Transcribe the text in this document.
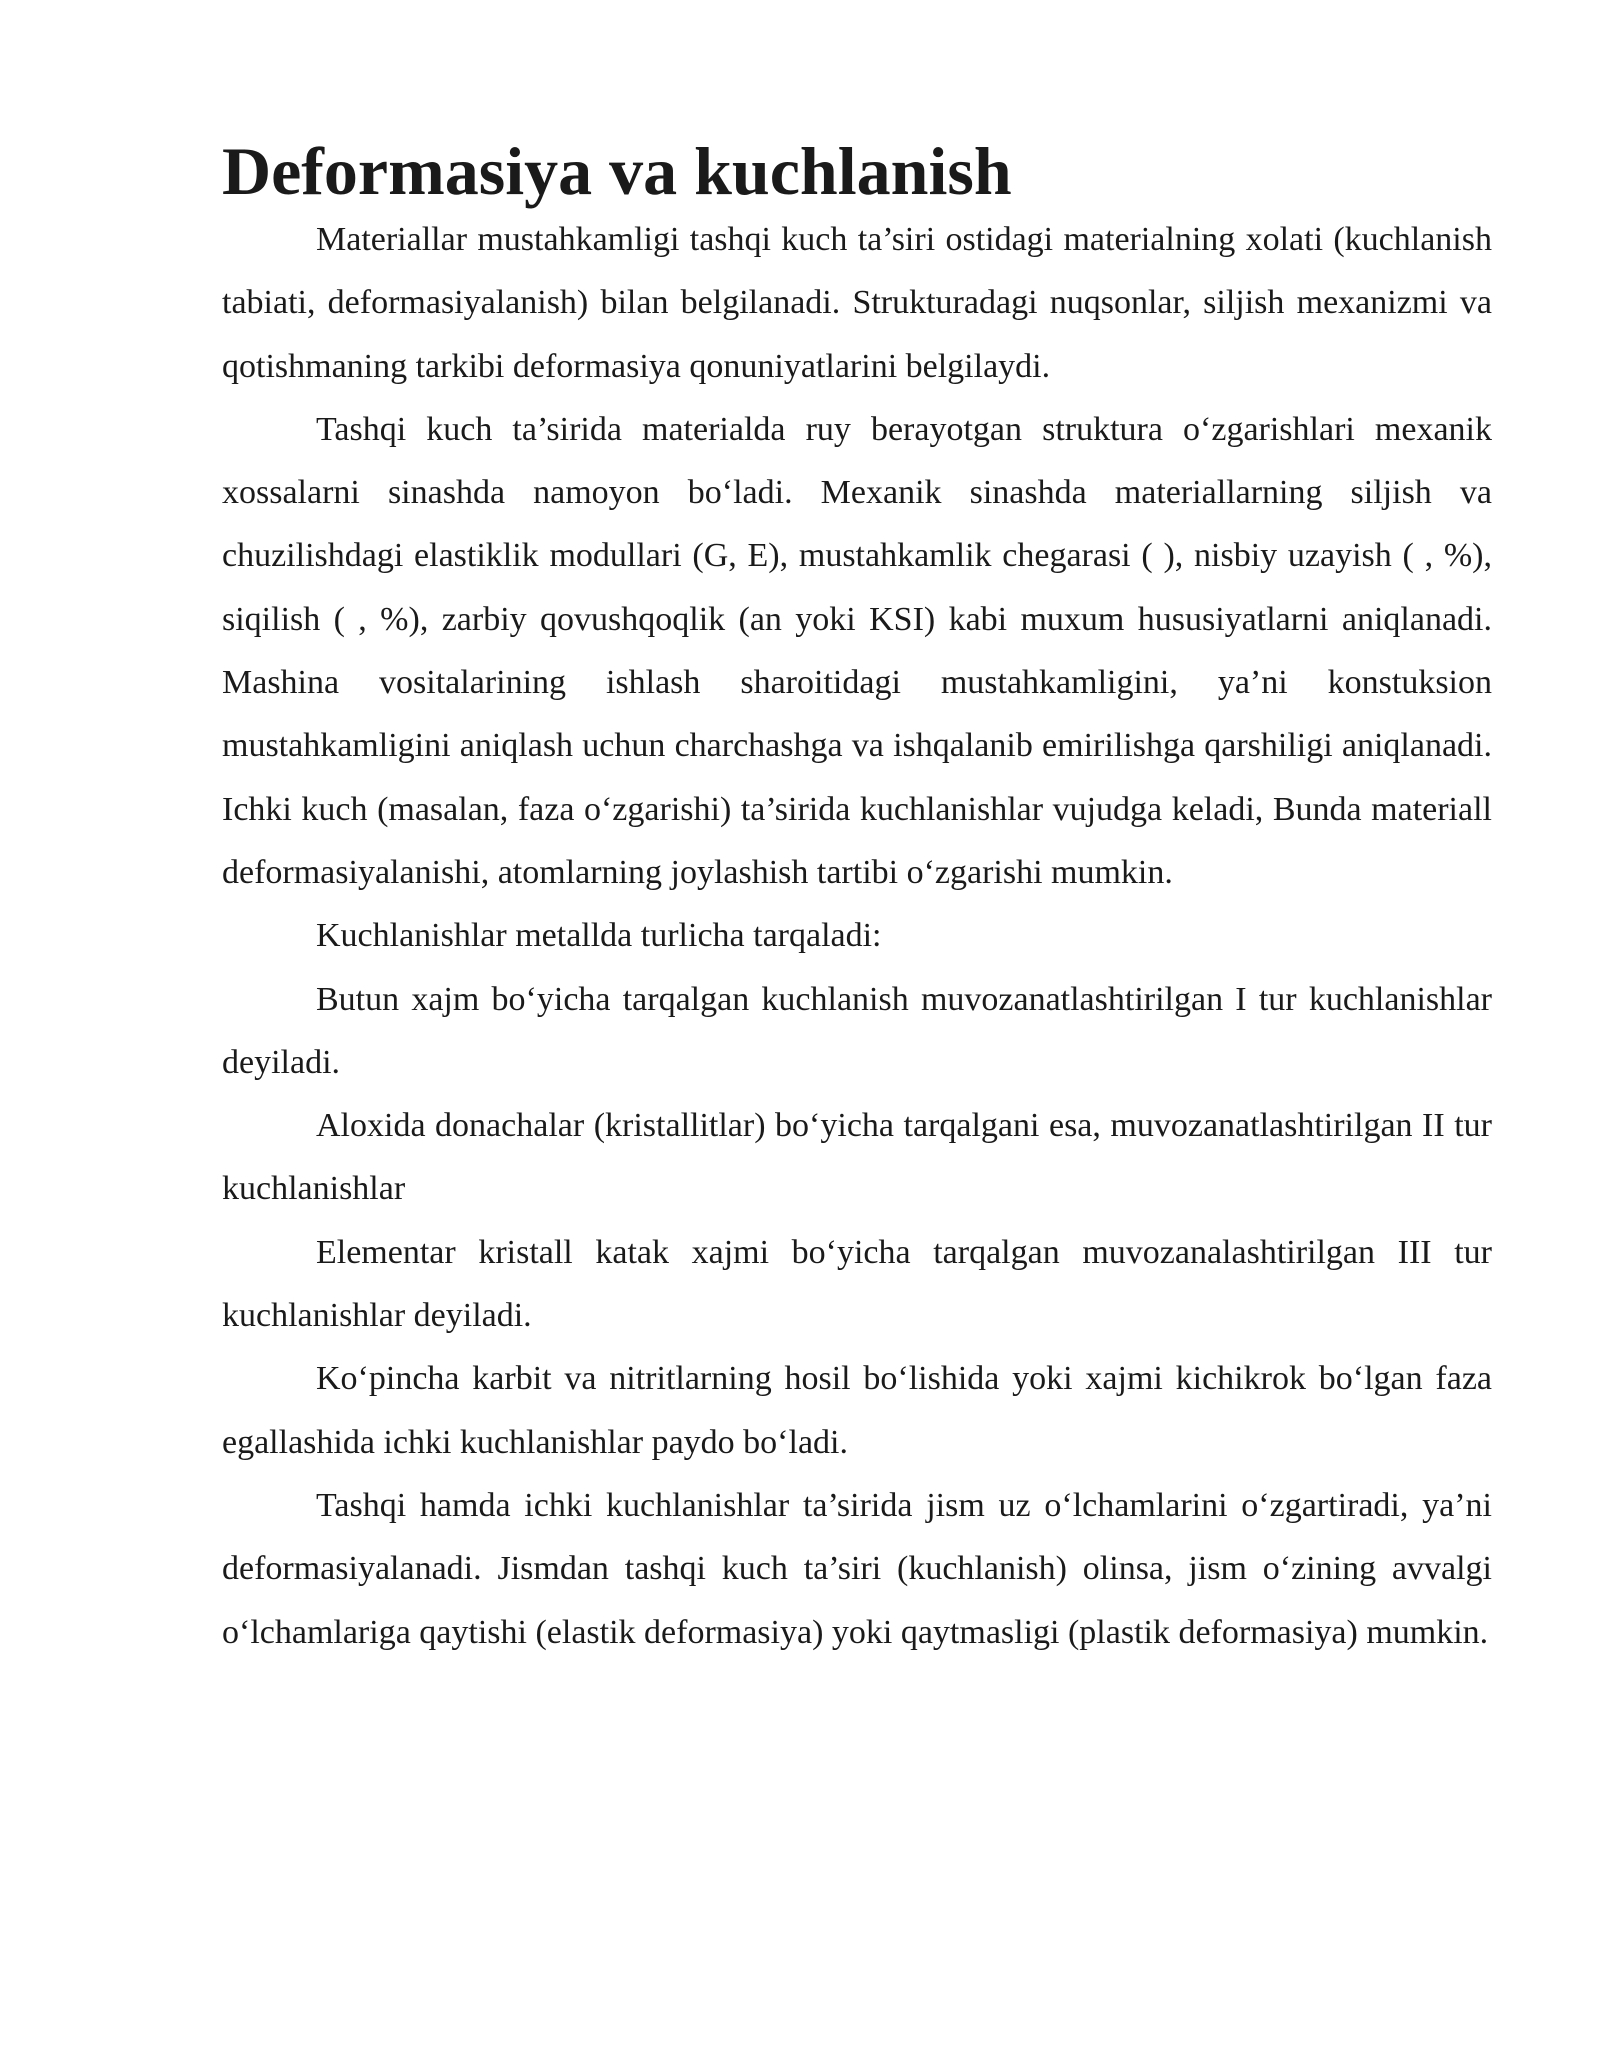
Deformasiya va kuchlanish

Materiallar mustahkamligi tashqi kuch ta’siri ostidagi materialning xolati (kuchlanish tabiati, deformasiyalanish) bilan belgilanadi. Strukturadagi nuqsonlar, siljish mexanizmi va qotishmaning tarkibi deformasiya qonuniyatlarini belgilaydi.

Tashqi kuch ta’sirida materialda ruy berayotgan struktura o‘zgarishlari mexanik xossalarni sinashda namoyon bo‘ladi. Mexanik sinashda materiallarning siljish va chuzilishdagi elastiklik modullari (G, E), mustahkamlik chegarasi ( ), nisbiy uzayish ( , %), siqilish ( , %), zarbiy qovushqoqlik (an yoki KSI) kabi muxum hususiyatlarni aniqlanadi. Mashina vositalarining ishlash sharoitidagi mustahkamligini, ya’ni konstuksion mustahkamligini aniqlash uchun charchashga va ishqalanib emirilishga qarshiligi aniqlanadi. Ichki kuch (masalan, faza o‘zgarishi) ta’sirida kuchlanishlar vujudga keladi, Bunda materiall deformasiyalanishi, atomlarning joylashish tartibi o‘zgarishi mumkin.

Kuchlanishlar metallda turlicha tarqaladi:

Butun xajm bo‘yicha tarqalgan kuchlanish muvozanatlashtirilgan I tur kuchlanishlar deyiladi.

Aloxida donachalar (kristallitlar) bo‘yicha tarqalgani esa, muvozanatlashtirilgan II tur kuchlanishlar

Elementar kristall katak xajmi bo‘yicha tarqalgan muvozanalashtirilgan III tur kuchlanishlar deyiladi.

Ko‘pincha karbit va nitritlarning hosil bo‘lishida yoki xajmi kichikrok bo‘lgan faza egallashida ichki kuchlanishlar paydo bo‘ladi.

Tashqi hamda ichki kuchlanishlar ta’sirida jism uz o‘lchamlarini o‘zgartiradi, ya’ni deformasiyalanadi. Jismdan tashqi kuch ta’siri (kuchlanish) olinsa, jism o‘zining avvalgi o‘lchamlariga qaytishi (elastik deformasiya) yoki qaytmasligi (plastik deformasiya) mumkin.
